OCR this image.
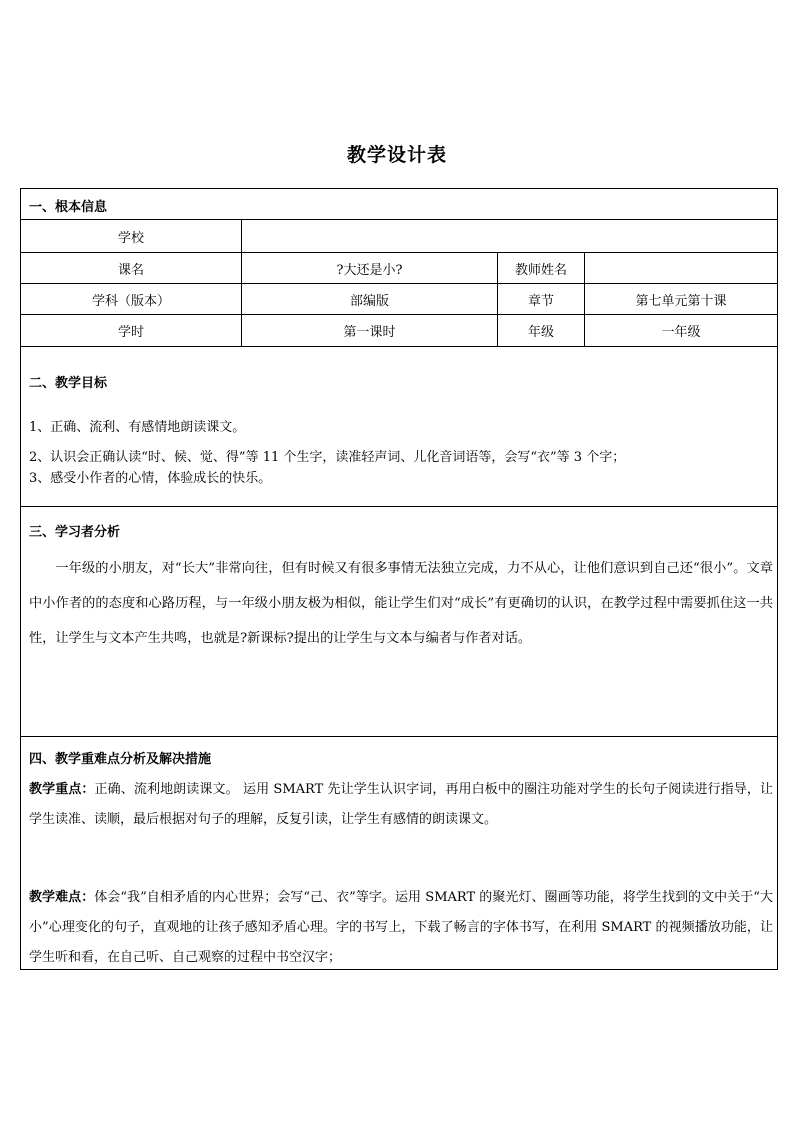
教学设计表
一、根本信息
学校
课名	?大还是小?	教师姓名
学科（版本）	部编版	章节	第七单元第十课
学时	第一课时	年级	一年级
二、教学目标
1、正确、流利、有感情地朗读课文。
2、认识会正确认读“时、候、觉、得”等 11 个生字，读准轻声词、儿化音词语等，会写“衣”等 3 个字；
3、感受小作者的心情，体验成长的快乐。
三、学习者分析
一年级的小朋友，对“长大”非常向往，但有时候又有很多事情无法独立完成，力不从心，让他们意识到自己还“很小”。文章中小作者的的态度和心路历程，与一年级小朋友极为相似，能让学生们对“成长”有更确切的认识，在教学过程中需要抓住这一共性，让学生与文本产生共鸣，也就是?新课标?提出的让学生与文本与编者与作者对话。
四、教学重难点分析及解决措施
教学重点：正确、流利地朗读课文。 运用 SMART 先让学生认识字词，再用白板中的圈注功能对学生的长句子阅读进行指导，让学生读准、读顺，最后根据对句子的理解，反复引读，让学生有感情的朗读课文。
教学难点：体会“我”自相矛盾的内心世界；会写“己、衣”等字。运用 SMART 的聚光灯、圈画等功能，将学生找到的文中关于“大小”心理变化的句子，直观地的让孩子感知矛盾心理。字的书写上，下载了畅言的字体书写，在利用 SMART 的视频播放功能，让学生听和看，在自己听、自己观察的过程中书空汉字；
